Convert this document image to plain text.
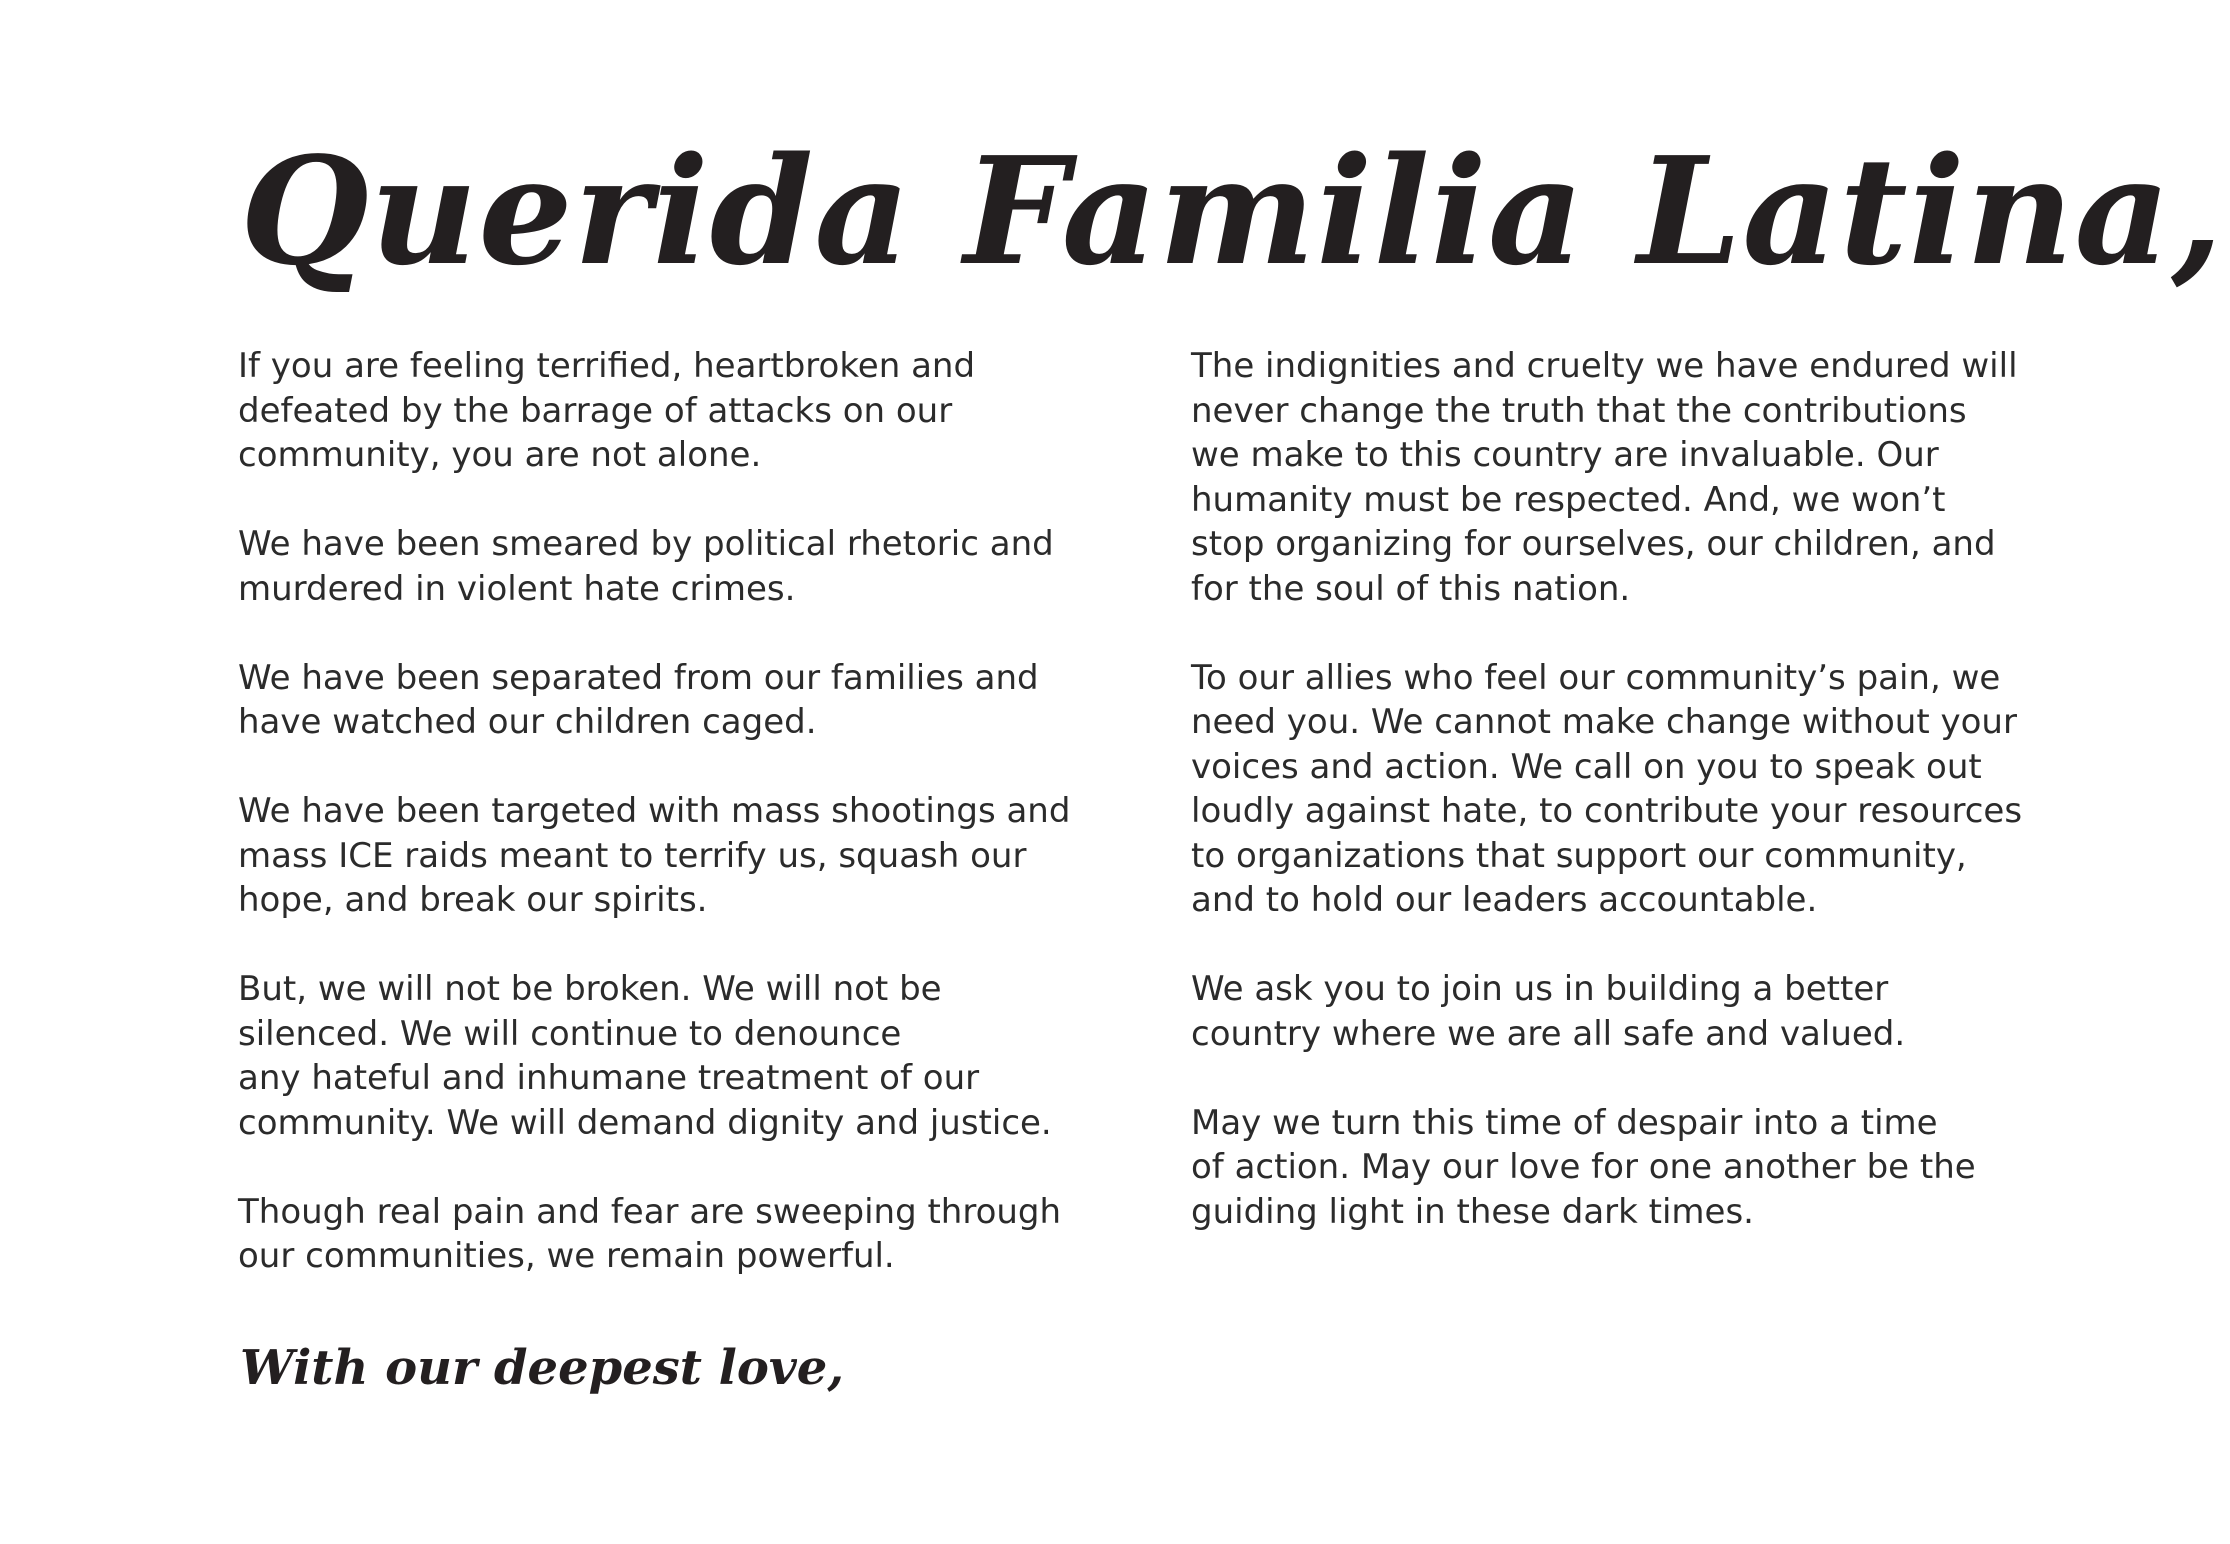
Querida Familia Latina,

If you are feeling terrified, heartbroken and
defeated by the barrage of attacks on our
community, you are not alone.

We have been smeared by political rhetoric and
murdered in violent hate crimes.

We have been separated from our families and
have watched our children caged.

We have been targeted with mass shootings and
mass ICE raids meant to terrify us, squash our
hope, and break our spirits.

But, we will not be broken. We will not be
silenced. We will continue to denounce
any hateful and inhumane treatment of our
community. We will demand dignity and justice.

Though real pain and fear are sweeping through
our communities, we remain powerful.

The indignities and cruelty we have endured will
never change the truth that the contributions
we make to this country are invaluable. Our
humanity must be respected. And, we won’t
stop organizing for ourselves, our children, and
for the soul of this nation.

To our allies who feel our community’s pain, we
need you. We cannot make change without your
voices and action. We call on you to speak out
loudly against hate, to contribute your resources
to organizations that support our community,
and to hold our leaders accountable.

We ask you to join us in building a better
country where we are all safe and valued.

May we turn this time of despair into a time
of action. May our love for one another be the
guiding light in these dark times.

With our deepest love,
